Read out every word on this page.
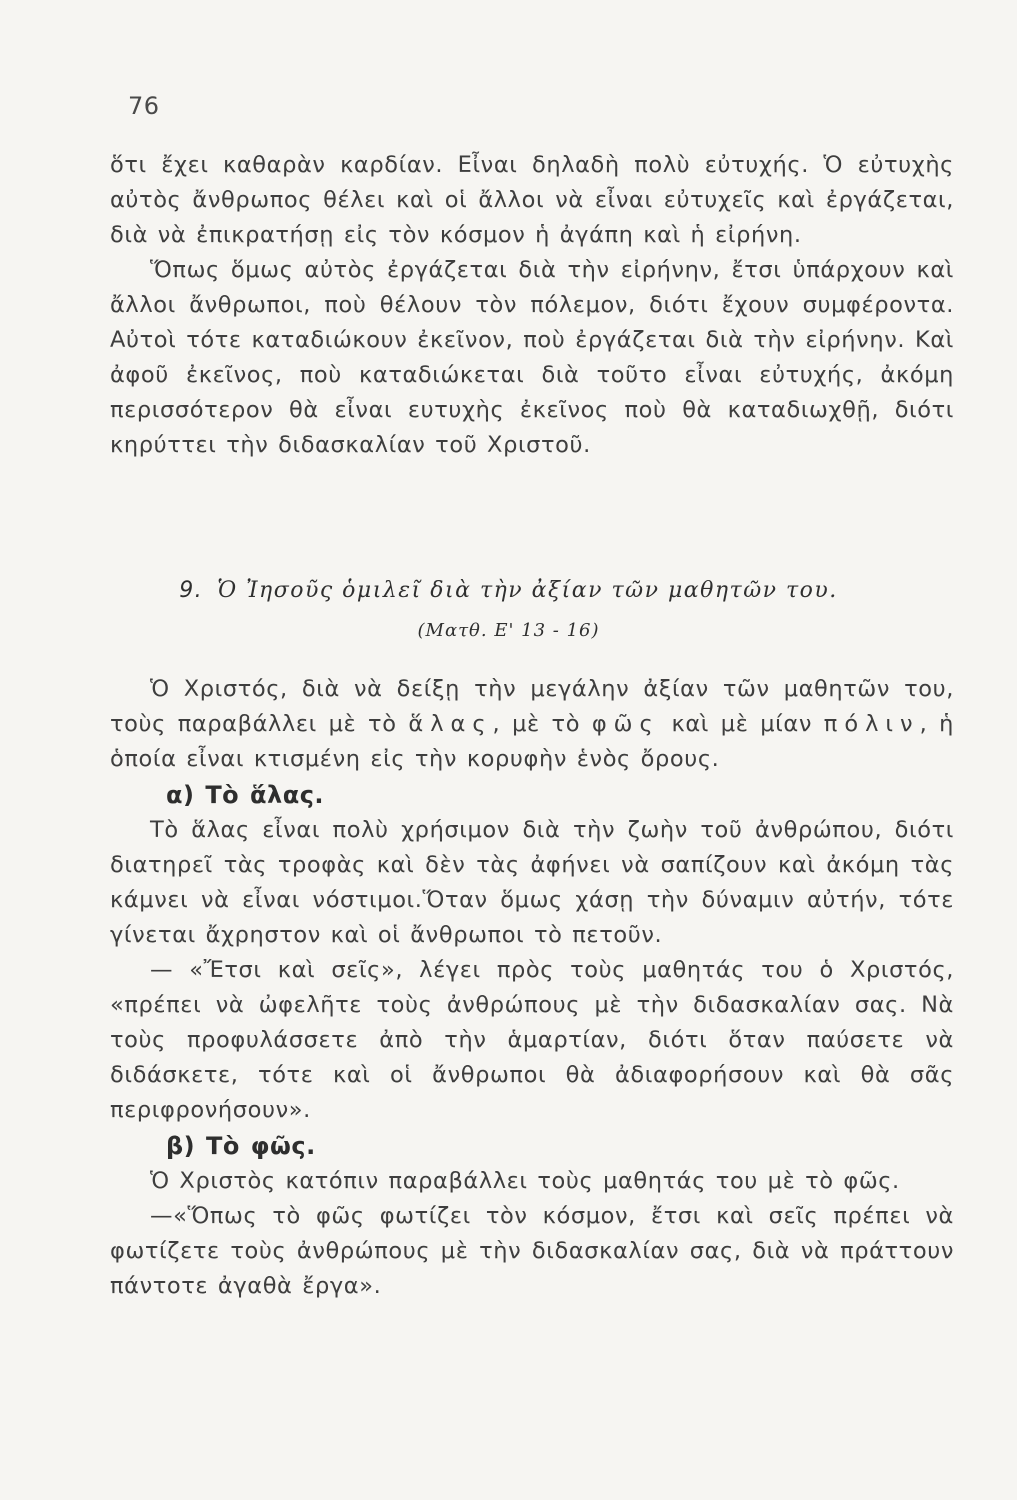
76

ὅτι ἔχει καθαρὰν καρδίαν. Εἶναι δηλαδὴ πολὺ εὐτυχής. Ὁ εὐτυχὴς αὐτὸς ἄνθρωπος θέλει καὶ οἱ ἄλλοι νὰ εἶναι εὐτυχεῖς καὶ ἐργάζεται, διὰ νὰ ἐπικρατήσῃ εἰς τὸν κόσμον ἡ ἀγάπη καὶ ἡ εἰρήνη.

Ὅπως ὅμως αὐτὸς ἐργάζεται διὰ τὴν εἰρήνην, ἔτσι ὑπάρχουν καὶ ἄλλοι ἄνθρωποι, ποὺ θέλουν τὸν πόλεμον, διότι ἔχουν συμφέροντα. Αὐτοὶ τότε καταδιώκουν ἐκεῖνον, ποὺ ἐργάζεται διὰ τὴν εἰρήνην. Καὶ ἀφοῦ ἐκεῖνος, ποὺ καταδιώκεται διὰ τοῦτο εἶναι εὐτυχής, ἀκόμη περισσότερον θὰ εἶναι ευτυχὴς ἐκεῖνος ποὺ θὰ καταδιωχθῇ, διότι κηρύττει τὴν διδασκαλίαν τοῦ Χριστοῦ.

9. Ὁ Ἰησοῦς ὁμιλεῖ διὰ τὴν ἀξίαν τῶν μαθητῶν του.
(Ματθ. Ε' 13 - 16)

Ὁ Χριστός, διὰ νὰ δείξῃ τὴν μεγάλην ἀξίαν τῶν μαθητῶν του, τοὺς παραβάλλει μὲ τὸ ἅλας, μὲ τὸ φῶς καὶ μὲ μίαν πόλιν, ἡ ὁποία εἶναι κτισμένη εἰς τὴν κορυφὴν ἑνὸς ὄρους.

α) Τὸ ἅλας.

Τὸ ἅλας εἶναι πολὺ χρήσιμον διὰ τὴν ζωὴν τοῦ ἀνθρώπου, διότι διατηρεῖ τὰς τροφὰς καὶ δὲν τὰς ἀφήνει νὰ σαπίζουν καὶ ἀκόμη τὰς κάμνει νὰ εἶναι νόστιμοι.Ὅταν ὅμως χάσῃ τὴν δύναμιν αὐτήν, τότε γίνεται ἄχρηστον καὶ οἱ ἄνθρωποι τὸ πετοῦν.

— «Ἔτσι καὶ σεῖς», λέγει πρὸς τοὺς μαθητάς του ὁ Χριστός, «πρέπει νὰ ὠφελῆτε τοὺς ἀνθρώπους μὲ τὴν διδασκαλίαν σας. Νὰ τοὺς προφυλάσσετε ἀπὸ τὴν ἁμαρτίαν, διότι ὅταν παύσετε νὰ διδάσκετε, τότε καὶ οἱ ἄνθρωποι θὰ ἀδιαφορήσουν καὶ θὰ σᾶς περιφρονήσουν».

β) Τὸ φῶς.

Ὁ Χριστὸς κατόπιν παραβάλλει τοὺς μαθητάς του μὲ τὸ φῶς.

—«Ὅπως τὸ φῶς φωτίζει τὸν κόσμον, ἔτσι καὶ σεῖς πρέπει νὰ φωτίζετε τοὺς ἀνθρώπους μὲ τὴν διδασκαλίαν σας, διὰ νὰ πράττουν πάντοτε ἀγαθὰ ἔργα».
